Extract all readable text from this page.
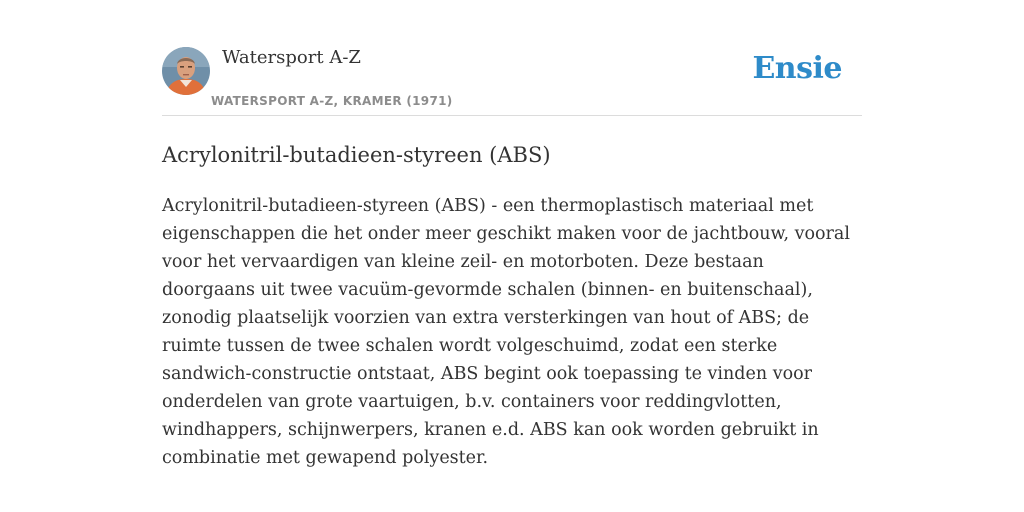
Watersport A-Z
WATERSPORT A-Z, KRAMER (1971)
Ensie
Acrylonitril-butadieen-styreen (ABS)

Acrylonitril-butadieen-styreen (ABS) - een thermoplastisch materiaal met eigenschappen die het onder meer geschikt maken voor de jachtbouw, vooral voor het vervaardigen van kleine zeil- en motorboten. Deze bestaan doorgaans uit twee vacuüm-gevormde schalen (binnen- en buitenschaal), zonodig plaatselijk voorzien van extra versterkingen van hout of ABS; de ruimte tussen de twee schalen wordt volgeschuimd, zodat een sterke sandwich-constructie ontstaat, ABS begint ook toepassing te vinden voor onderdelen van grote vaartuigen, b.v. containers voor reddingvlotten, windhappers, schijnwerpers, kranen e.d. ABS kan ook worden gebruikt in combinatie met gewapend polyester.
